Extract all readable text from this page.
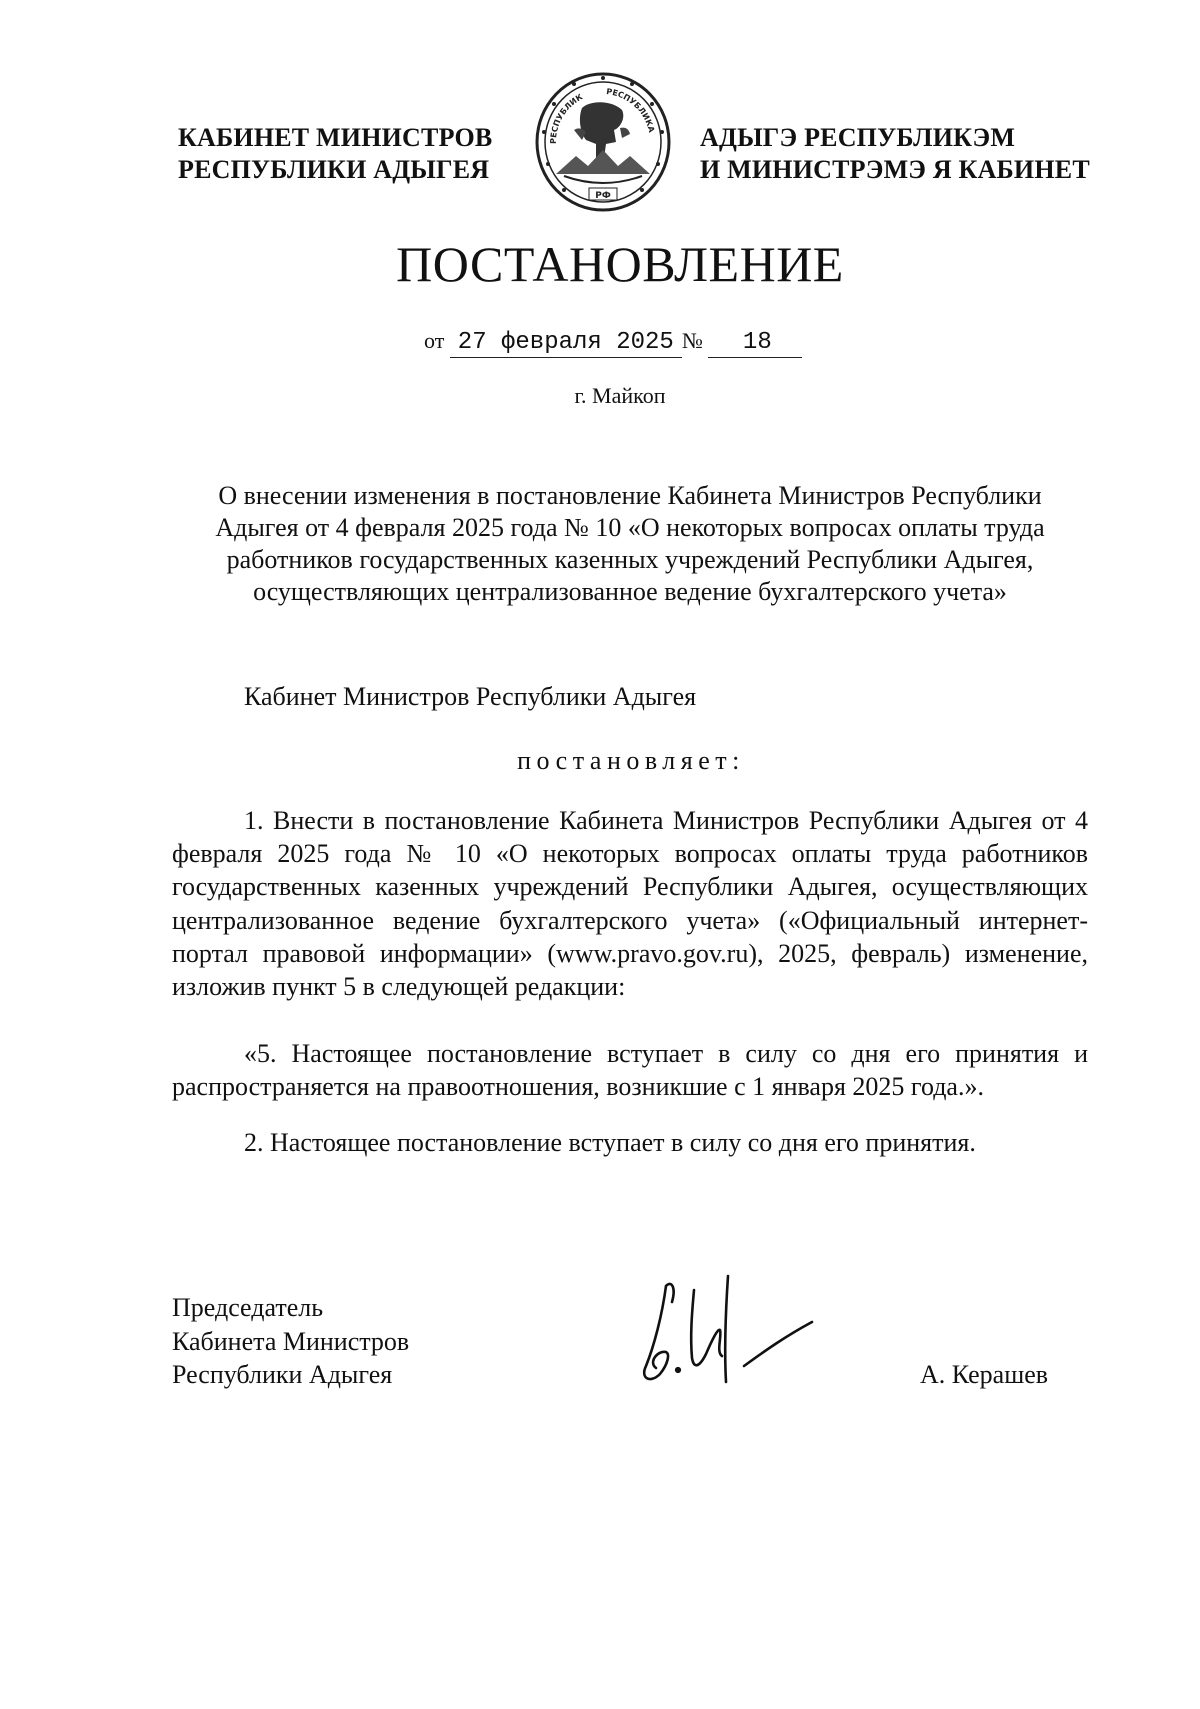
КАБИНЕТ МИНИСТРОВ
РЕСПУБЛИКИ АДЫГЕЯ
РЕСПУБЛИК
РЕСПУБЛИКА
РФ
АДЫГЭ РЕСПУБЛИКЭМ
И МИНИСТРЭМЭ Я КАБИНЕТ
ПОСТАНОВЛЕНИЕ
от 27 февраля 2025 № 18
г. Майкоп
О внесении изменения в постановление Кабинета Министров Республики
Адыгея от 4 февраля 2025 года № 10 «О некоторых вопросах оплаты труда
работников государственных казенных учреждений Республики Адыгея,
осуществляющих централизованное ведение бухгалтерского учета»
Кабинет Министров Республики Адыгея
постановляет:
1. Внести в постановление Кабинета Министров Республики Адыгея от 4 февраля 2025 года № 10 «О некоторых вопросах оплаты труда работников государственных казенных учреждений Республики Адыгея, осуществляющих централизованное ведение бухгалтерского учета» («Официальный интернет-портал правовой информации» (www.pravo.gov.ru), 2025, февраль) изменение, изложив пункт 5 в следующей редакции:
«5. Настоящее постановление вступает в силу со дня его принятия и распространяется на правоотношения, возникшие с 1 января 2025 года.».
2. Настоящее постановление вступает в силу со дня его принятия.
Председатель
Кабинета Министров
Республики Адыгея	А. Керашев
